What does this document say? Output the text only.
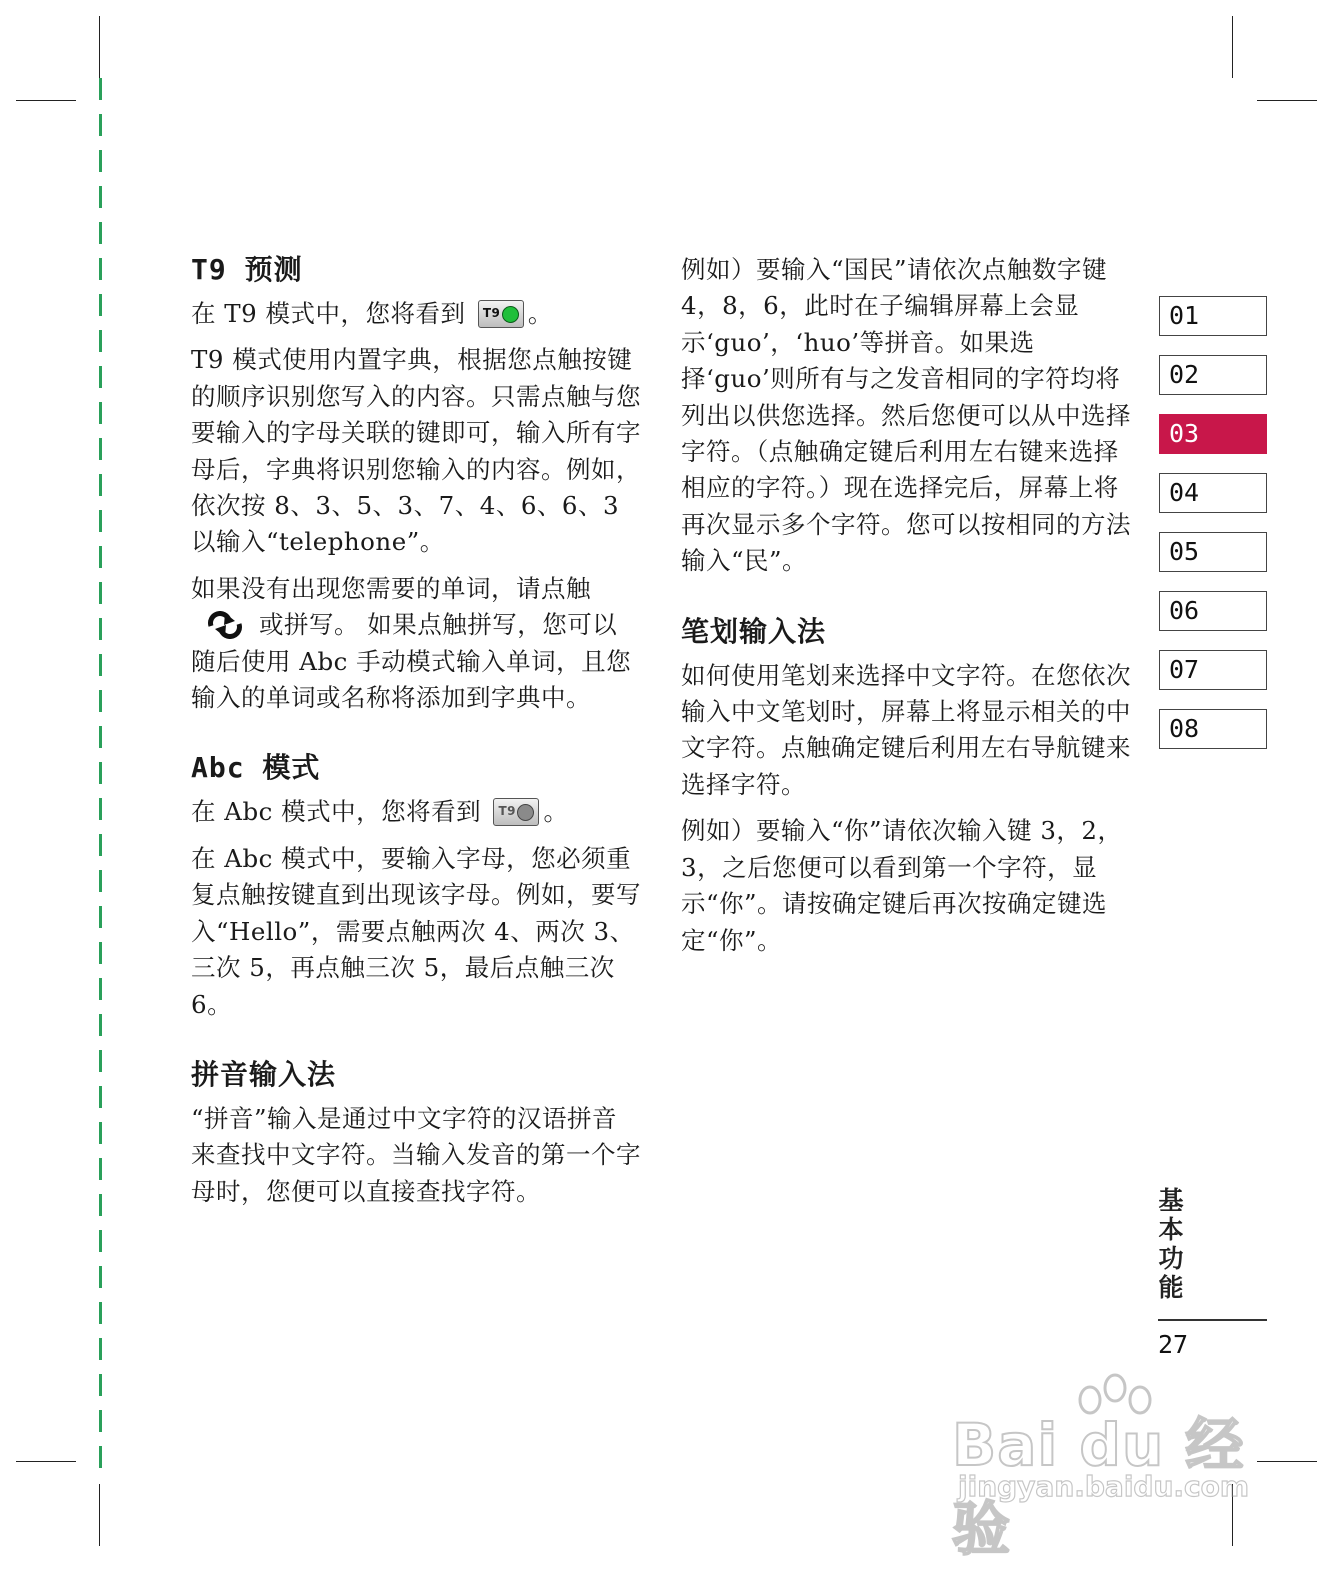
T9 预测

在 T9 模式中，您将看到 T9 。

T9 模式使用内置字典，根据您点触按键的顺序识别您写入的内容。只需点触与您要输入的字母关联的键即可，输入所有字母后，字典将识别您输入的内容。例如，依次按 8、3、5、3、7、4、6、6、3 以输入“telephone”。

如果没有出现您需要的单词，请点触 或拼写。 如果点触拼写，您可以随后使用 Abc 手动模式输入单词，且您输入的单词或名称将添加到字典中。

Abc 模式

在 Abc 模式中，您将看到 T9 。

在 Abc 模式中，要输入字母，您必须重复点触按键直到出现该字母。例如，要写入“Hello”，需要点触两次 4、两次 3、三次 5，再点触三次 5，最后点触三次 6。

拼音输入法

“拼音”输入是通过中文字符的汉语拼音来查找中文字符。当输入发音的第一个字母时，您便可以直接查找字符。

例如）要输入“国民”请依次点触数字键4，8，6，此时在子编辑屏幕上会显示‘guo’，‘huo’等拼音。如果选择‘guo’则所有与之发音相同的字符均将列出以供您选择。然后您便可以从中选择字符。（点触确定键后利用左右键来选择相应的字符。）现在选择完后，屏幕上将再次显示多个字符。您可以按相同的方法输入“民”。

笔划输入法

如何使用笔划来选择中文字符。在您依次输入中文笔划时，屏幕上将显示相关的中文字符。点触确定键后利用左右导航键来选择字符。

例如）要输入“你”请依次输入键 3，2，3，之后您便可以看到第一个字符，显示“你”。请按确定键后再次按确定键选定“你”。

01
02
03
04
05
06
07
08
基
本
功
能
27
Bai du 经验
jingyan.baidu.com
